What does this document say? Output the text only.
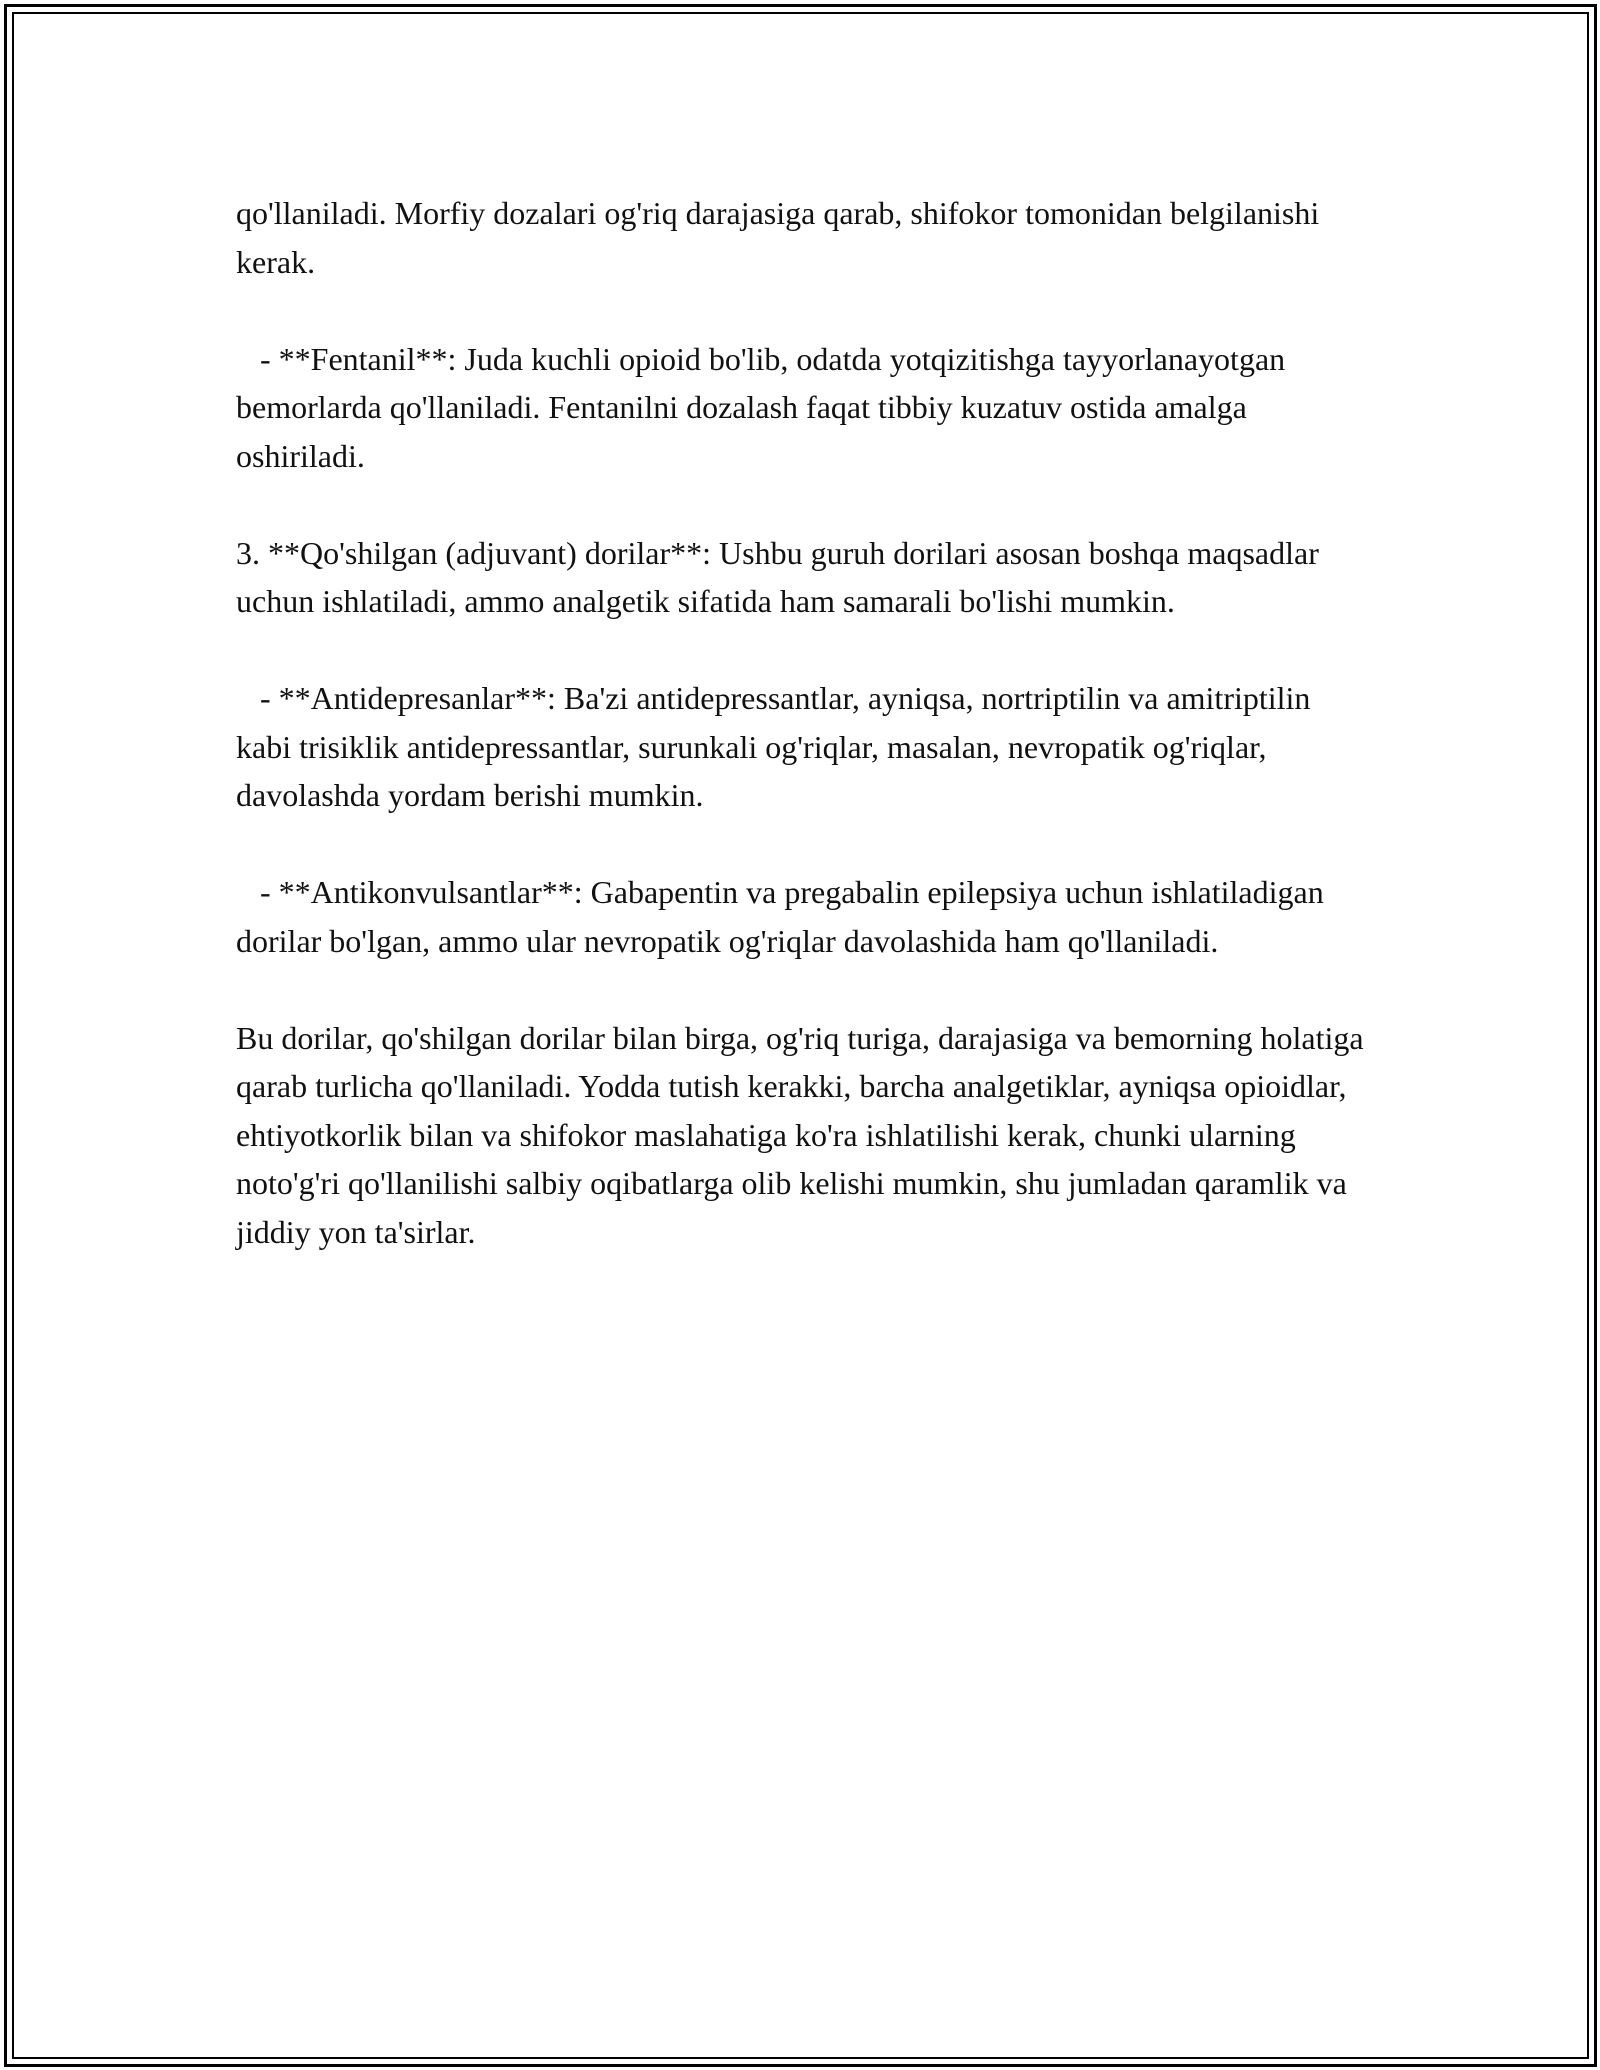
qo'llaniladi. Morfiy dozalari og'riq darajasiga qarab, shifokor tomonidan belgilanishi kerak.

- **Fentanil**: Juda kuchli opioid bo'lib, odatda yotqizitishga tayyorlanayotgan bemorlarda qo'llaniladi. Fentanilni dozalash faqat tibbiy kuzatuv ostida amalga oshiriladi.

3. **Qo'shilgan (adjuvant) dorilar**: Ushbu guruh dorilari asosan boshqa maqsadlar uchun ishlatiladi, ammo analgetik sifatida ham samarali bo'lishi mumkin.

- **Antidepresanlar**: Ba'zi antidepressantlar, ayniqsa, nortriptilin va amitriptilin kabi trisiklik antidepressantlar, surunkali og'riqlar, masalan, nevropatik og'riqlar, davolashda yordam berishi mumkin.

- **Antikonvulsantlar**: Gabapentin va pregabalin epilepsiya uchun ishlatiladigan dorilar bo'lgan, ammo ular nevropatik og'riqlar davolashida ham qo'llaniladi.

Bu dorilar, qo'shilgan dorilar bilan birga, og'riq turiga, darajasiga va bemorning holatiga qarab turlicha qo'llaniladi. Yodda tutish kerakki, barcha analgetiklar, ayniqsa opioidlar, ehtiyotkorlik bilan va shifokor maslahatiga ko'ra ishlatilishi kerak, chunki ularning noto'g'ri qo'llanilishi salbiy oqibatlarga olib kelishi mumkin, shu jumladan qaramlik va jiddiy yon ta'sirlar.
